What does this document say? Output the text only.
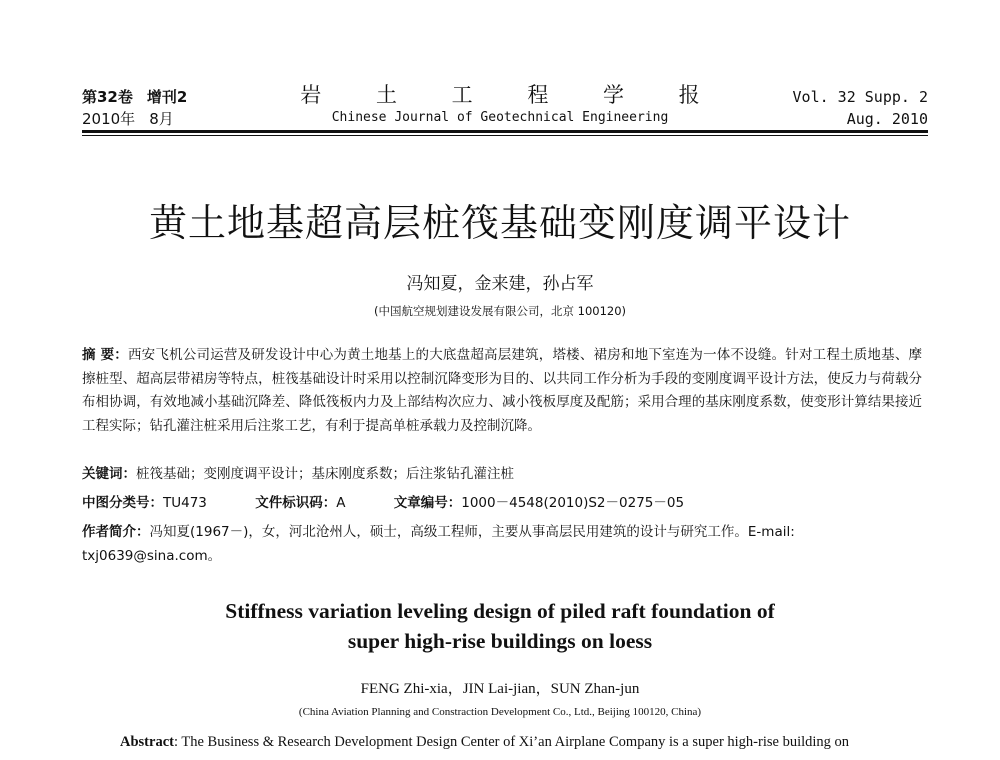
第32卷 增刊2
2010年 8月
岩 土 工 程 学 报
Chinese Journal of Geotechnical Engineering
Vol. 32 Supp. 2
Aug. 2010
黄土地基超高层桩筏基础变刚度调平设计
冯知夏，金来建，孙占军
(中国航空规划建设发展有限公司，北京 100120)
摘 要：西安飞机公司运营及研发设计中心为黄土地基上的大底盘超高层建筑，塔楼、裙房和地下室连为一体不设缝。针对工程土质地基、摩擦桩型、超高层带裙房等特点，桩筏基础设计时采用以控制沉降变形为目的、以共同工作分析为手段的变刚度调平设计方法，使反力与荷载分布相协调，有效地减小基础沉降差、降低筏板内力及上部结构次应力、减小筏板厚度及配筋；采用合理的基床刚度系数，使变形计算结果接近工程实际；钻孔灌注桩采用后注浆工艺，有利于提高单桩承载力及控制沉降。
关键词：桩筏基础；变刚度调平设计；基床刚度系数；后注浆钻孔灌注桩
中图分类号：TU473	文件标识码：A	文章编号：1000－4548(2010)S2－0275－05
作者简介：冯知夏(1967－)，女，河北沧州人，硕士，高级工程师，主要从事高层民用建筑的设计与研究工作。E-mail: txj0639@sina.com。
Stiffness variation leveling design of piled raft foundation of
super high-rise buildings on loess
FENG Zhi-xia，JIN Lai-jian，SUN Zhan-jun
(China Aviation Planning and Constraction Development Co., Ltd., Beijing 100120, China)
Abstract: The Business & Research Development Design Center of Xi’an Airplane Company is a super high-rise building on
